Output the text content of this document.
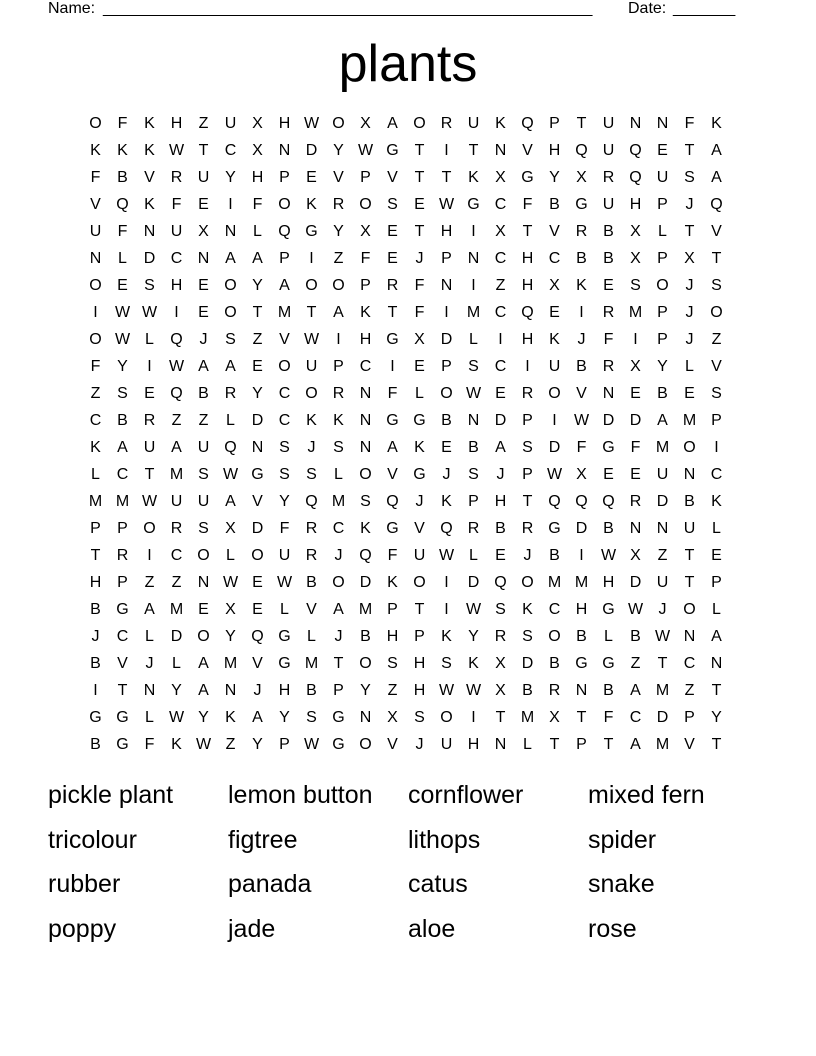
Name: _______________________________________________________ Date: _______
plants
O F	K H	Z	U X H W O X	A O R U K Q P	T	U N N	F	K
K	K	K W T	C X N D Y W G T	I	T	N V H Q U Q E	T	A
F	B	V R U Y H P	E	V	P	V	T	T	K	X G Y	X R Q U S	A
V Q K	F	E	I	F O K R O S	E W G C	F	B G U H P	J	Q
U	F	N U X N	L	Q G Y	X	E	T	H	I	X	T	V R B	X	L	T	V
N	L	D C N A	A	P	I	Z	F	E	J	P N C H C B	B	X	P	X	T
O E	S H E O Y	A O O P R	F	N	I	Z	H X	K	E	S O	J	S
I	W W	I	E O T M T	A	K	T	F	I	M C Q E	I	R M P	J	O
O W L	Q	J	S	Z	V W	I	H G X D	L	I	H K	J	F	I	P	J	Z
F	Y	I	W A	A	E O U P C	I	E	P	S C	I	U B R X	Y	L	V
Z	S	E Q B R Y C O R N	F	L	O W E R O V N E	B	E	S
C B R	Z	Z	L	D C K	K N G G B N D P	I	W D D A M P
K	A U A U Q N S	J	S N A	K	E	B	A	S D	F G F M O	I
L	C	T M S W G S	S	L	O V G	J	S	J	P W X	E	E U N C
M M W U U A	V	Y Q M S Q	J	K	P H	T Q Q Q R D B	K
P	P O R S	X D	F	R C K G V Q R B R G D B N N U	L
T	R	I	C O	L	O U R	J	Q F	U W L	E	J	B	I	W X	Z	T	E
H P	Z	Z	N W E W B O D K O	I	D Q O M M H D U	T	P
B G A M E	X	E	L	V	A M P	T	I	W S	K C H G W J	O	L
J	C	L	D O Y Q G	L	J	B H P	K	Y R S O B	L	B W N A
B	V	J	L	A M V G M T O S H S	K	X D B G G Z	T	C N
I	T	N Y	A N	J	H B	P	Y	Z	H W W X	B R N B	A M Z	T
G G	L W Y	K	A	Y	S G N X	S O	I	T M X	T	F	C D P	Y
B G F	K W Z	Y	P W G O V	J	U H N	L	T	P	T	A M V	T
pickle plant	lemon button	cornflower	mixed fern
tricolour	figtree	lithops	spider
rubber	panada	catus	snake
poppy	jade	aloe	rose
